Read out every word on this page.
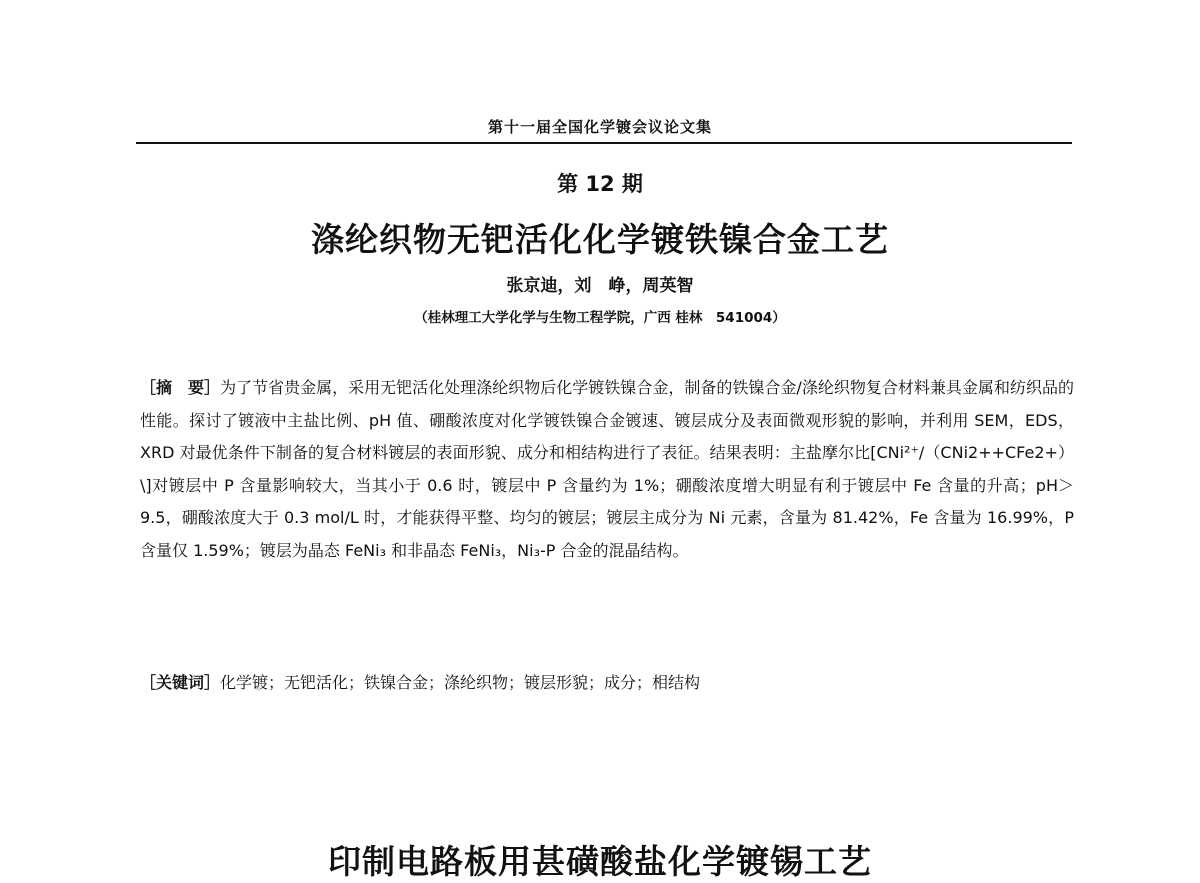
第十一届全国化学镀会议论文集
第 12 期
涤纶织物无钯活化化学镀铁镍合金工艺
张京迪，刘　峥，周英智
（桂林理工大学化学与生物工程学院，广西 桂林　541004）
［摘　要］为了节省贵金属，采用无钯活化处理涤纶织物后化学镀铁镍合金，制备的铁镍合金/涤纶织物复合材料兼具金属和纺织品的性能。探讨了镀液中主盐比例、pH 值、硼酸浓度对化学镀铁镍合金镀速、镀层成分及表面微观形貌的影响，并利用 SEM，EDS，XRD 对最优条件下制备的复合材料镀层的表面形貌、成分和相结构进行了表征。结果表明：主盐摩尔比[CNi²⁺/（CNi2++CFe2+）\]对镀层中 P 含量影响较大，当其小于 0.6 时，镀层中 P 含量约为 1%；硼酸浓度增大明显有利于镀层中 Fe 含量的升高；pH＞9.5，硼酸浓度大于 0.3 mol/L 时，才能获得平整、均匀的镀层；镀层主成分为 Ni 元素，含量为 81.42%，Fe 含量为 16.99%，P 含量仅 1.59%；镀层为晶态 FeNi₃ 和非晶态 FeNi₃，Ni₃-P 合金的混晶结构。
［关键词］化学镀；无钯活化；铁镍合金；涤纶织物；镀层形貌；成分；相结构
印制电路板用甚磺酸盐化学镀锡工艺
